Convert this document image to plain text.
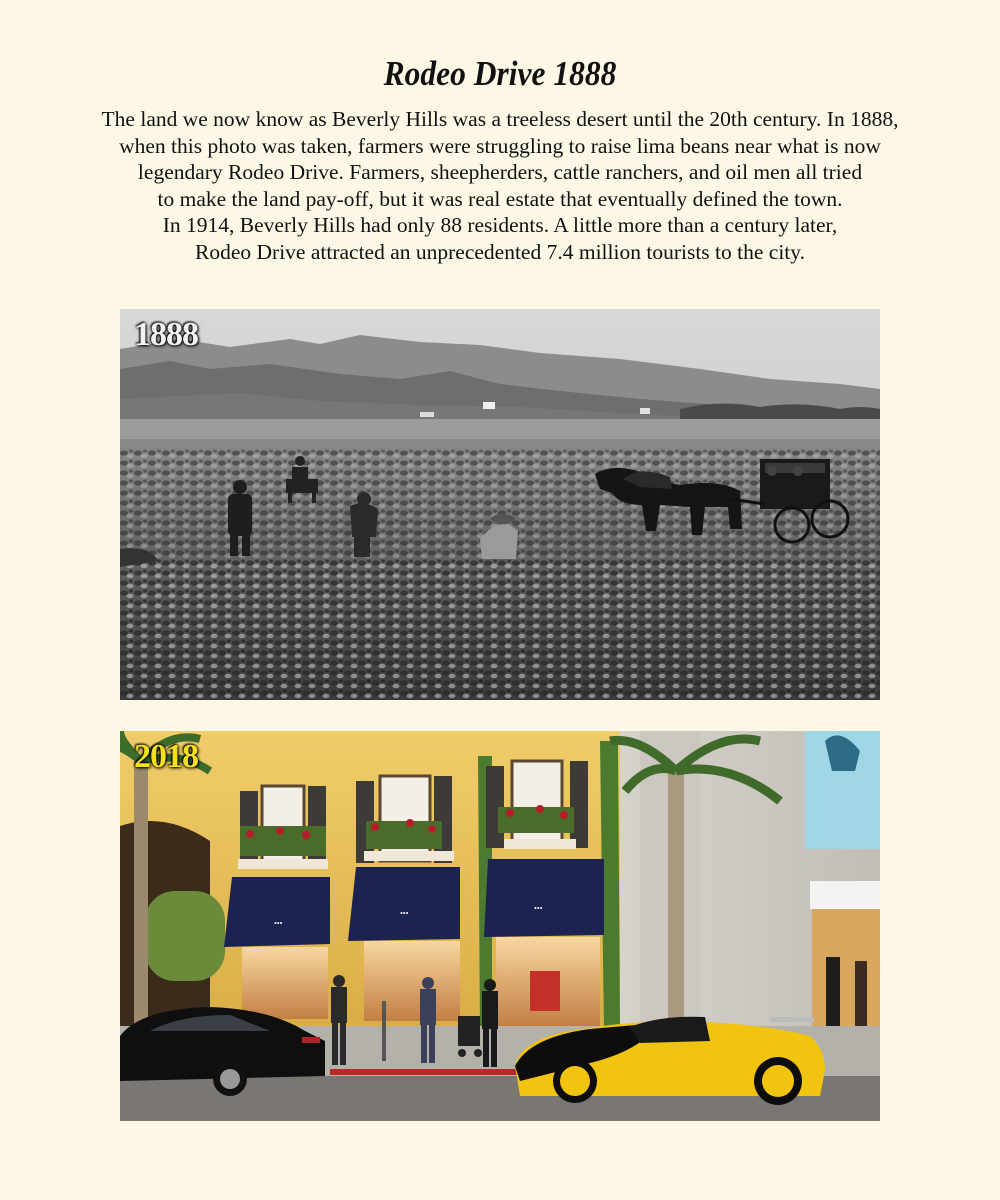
Rodeo Drive 1888
The land we now know as Beverly Hills was a treeless desert until the 20th century. In 1888,
when this photo was taken, farmers were struggling to raise lima beans near what is now
legendary Rodeo Drive. Farmers, sheepherders, cattle ranchers, and oil men all tried
to make the land pay-off, but it was real estate that eventually defined the town.
In 1914, Beverly Hills had only 88 residents. A little more than a century later,
Rodeo Drive attracted an unprecedented 7.4 million tourists to the city.
1888
•••
•••
•••
2018
